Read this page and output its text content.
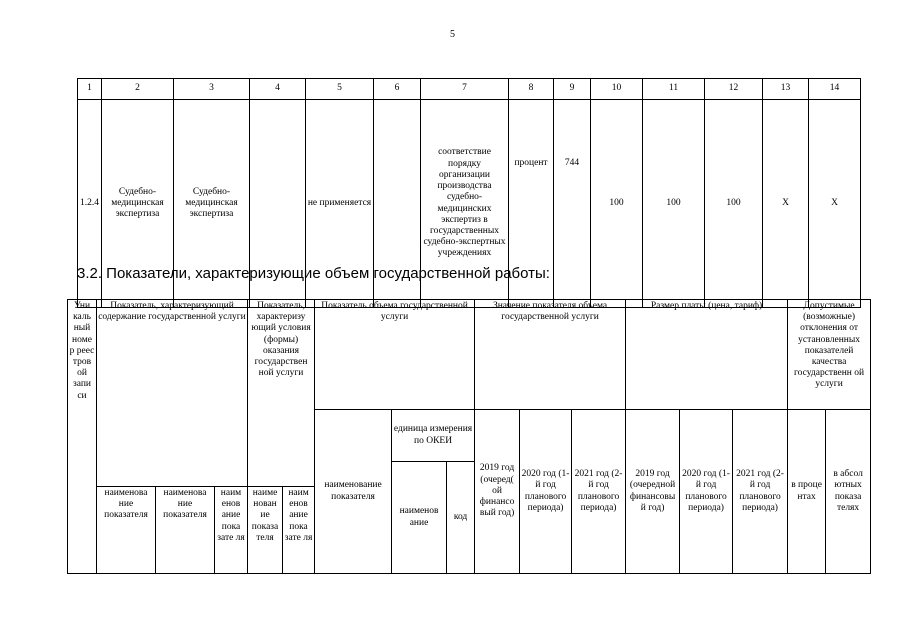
5
1	2	3	4	5	6	7	8	9	10	11	12	13	14
1.2.4	Судебно-медицинская экспертиза	Судебно-медицинская экспертиза		не применяется		соответствие порядку организации производства судебно-медицинских экспертиз в государственных судебно-экспертных учреждениях	процент	744	100	100	100	Х	Х
3.2. Показатели, характеризующие объем государственной работы:
Уни каль ный номе р реес тров ой запи си	Показатель, характеризующий содержание государственной услуги			Показатель, характеризу ющий условия (формы) оказания государствен ной услуги		Показатель объема государственной услуги			Значение показателя объема государственной услуги			Размер платы (цена, тариф)			Допустимые (возможные) отклонения от установленных показателей качества государственн ой услуги	
						наименование показателя	единица измерения по ОКЕИ		2019 год (очеред( ой финансо вый год)	2020 год (1-й год планового периода)	2021 год (2-й год планового периода)	2019 год (очередной финансовы й год)	2020 год (1-й год планового периода)	2021 год (2-й год планового периода)	в проце нтах	в абсол ютных показа телях
							наименов ание	код								
	наименова ние показателя	наименова ние показателя	наим енов ание пока зате ля	наиме нован ие показа теля	наим енов ание пока зате ля											
